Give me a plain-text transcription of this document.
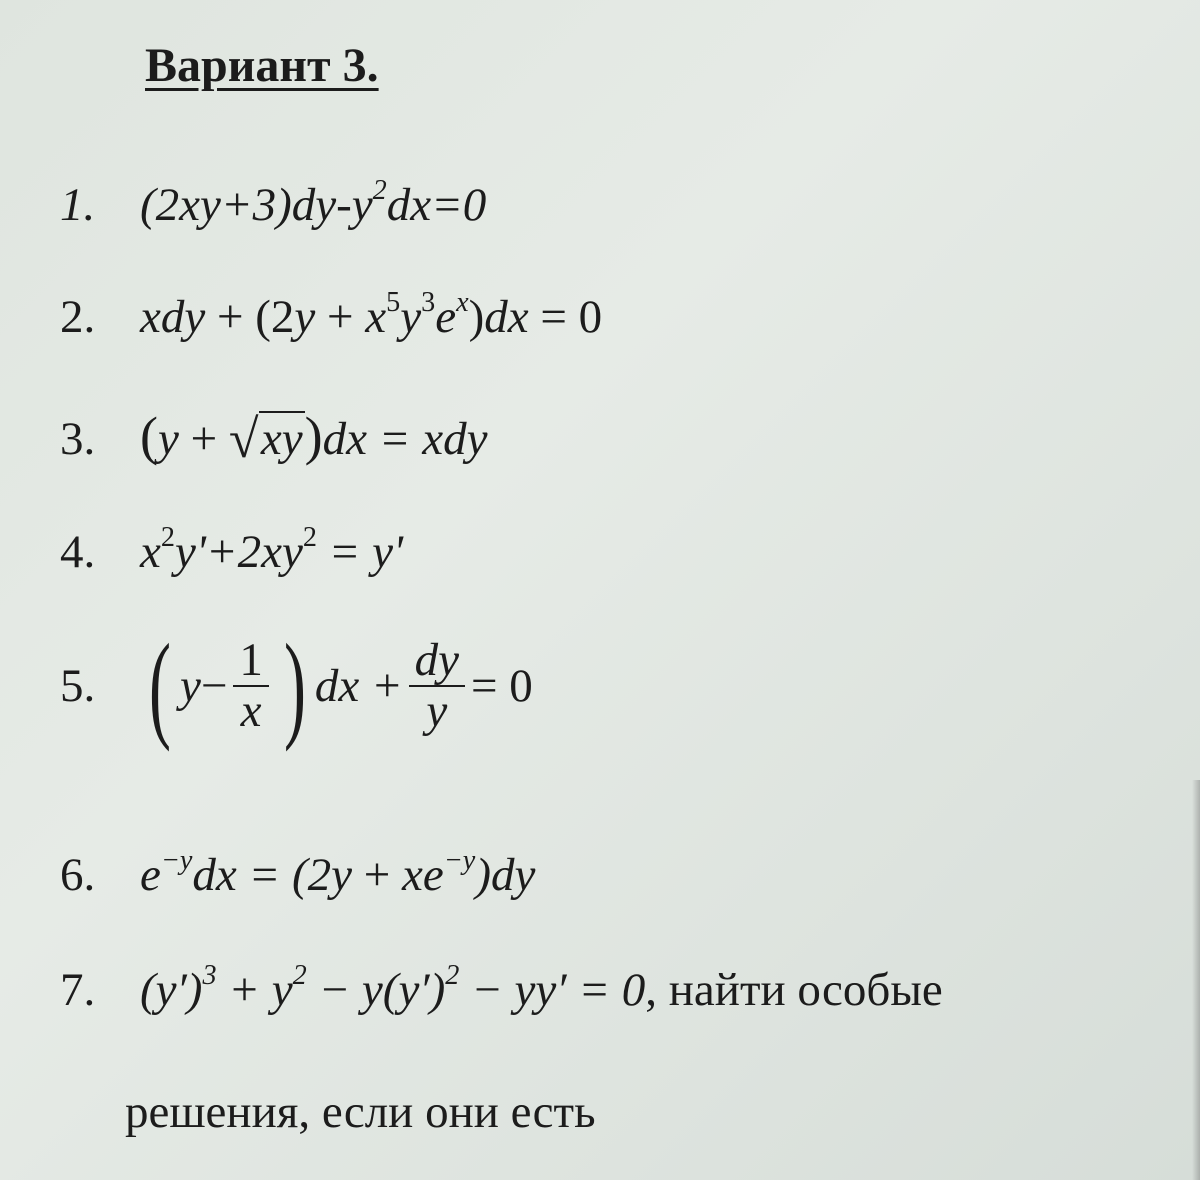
Вариант 3.
1. $(2xy+3)dy-y^2dx=0$
2. xdy + $(2y + x^5y^3e^x)dx = 0$
3. (y + √ xy)dx = xdy
4. $x^2y'+2xy^2 = y'$
5. ( $y - \frac{1}{x}$ ) dx + $\frac{dy}{y} = 0$
6. $e^{-y}dx = (2y + xe^{-y})dy$
7. $(y')^3 + y^2 - y(y')^2 - yy' = 0$, найти особые
решения, если они есть
